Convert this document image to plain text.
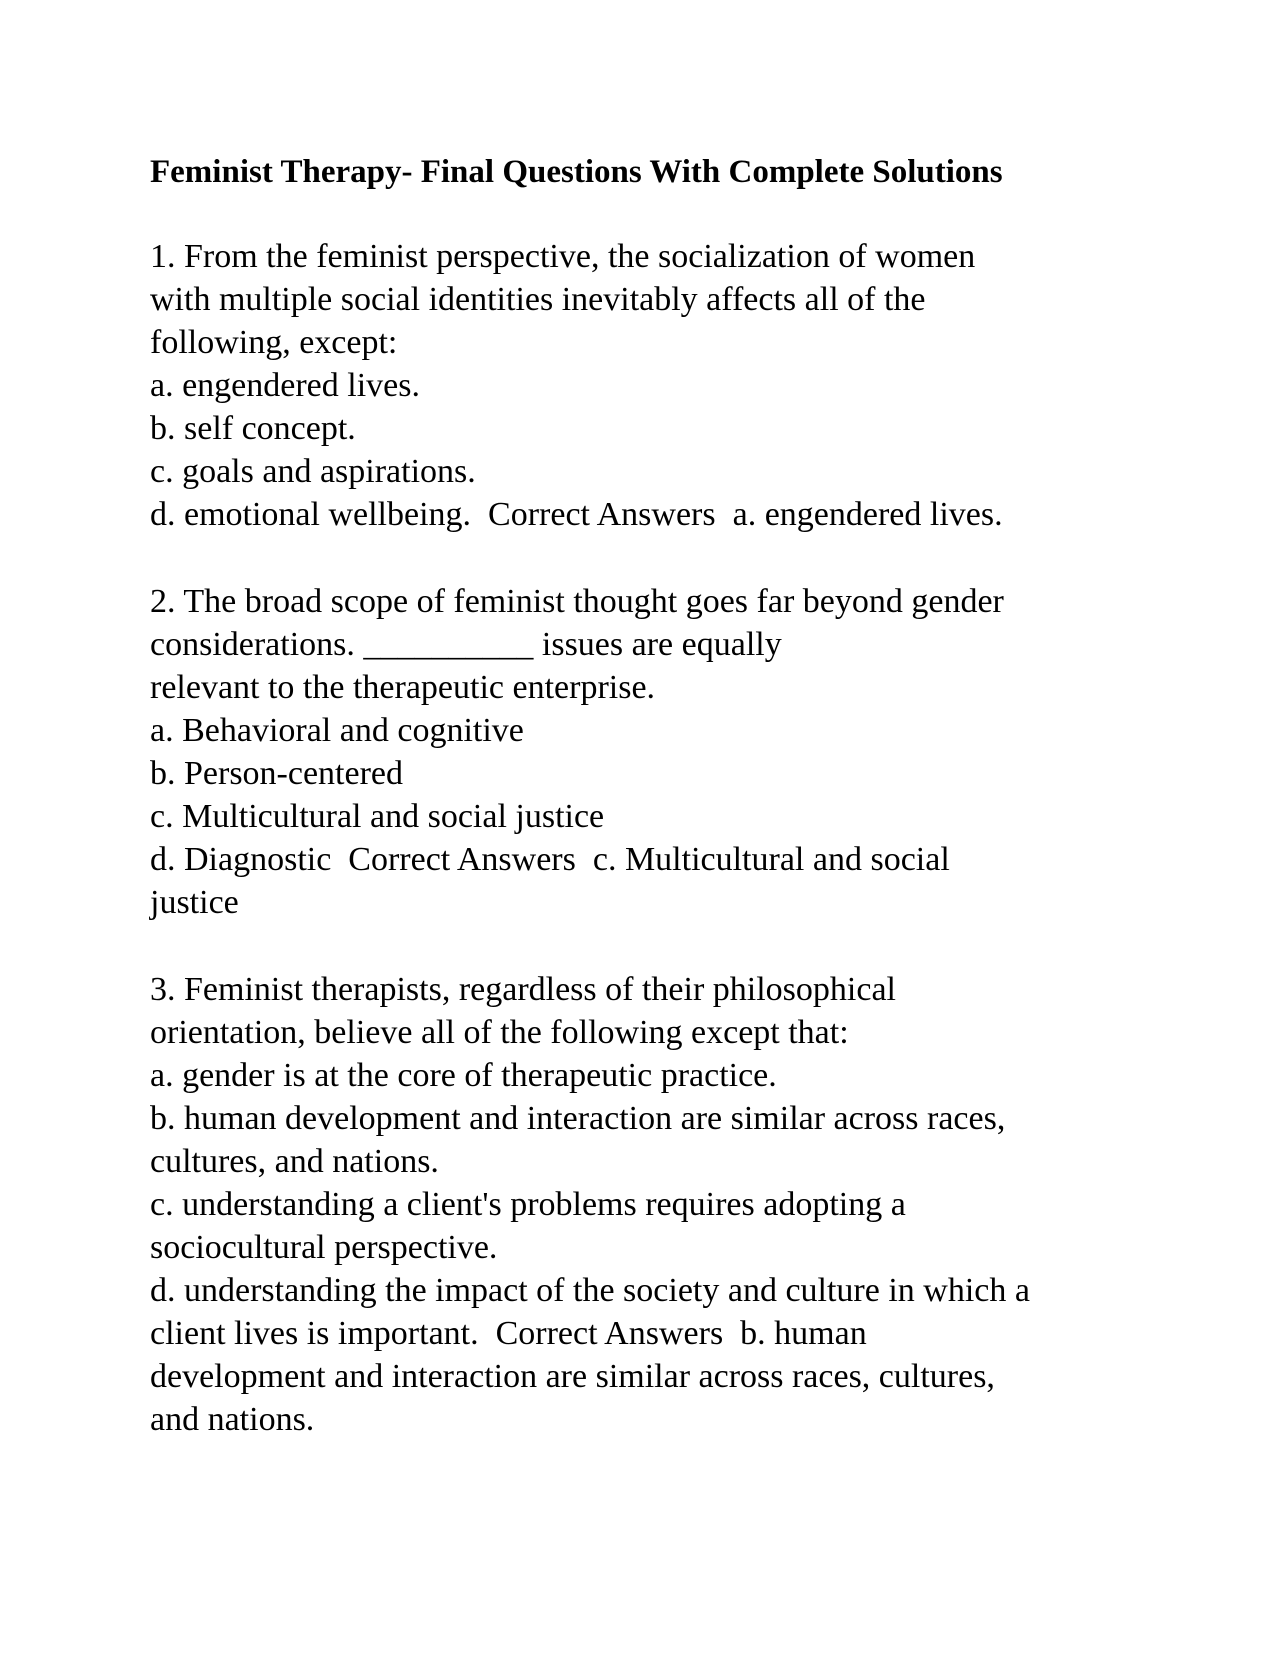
Feminist Therapy- Final Questions With Complete Solutions
1. From the feminist perspective, the socialization of women
with multiple social identities inevitably affects all of the
following, except:
a. engendered lives.
b. self concept.
c. goals and aspirations.
d. emotional wellbeing.  Correct Answers  a. engendered lives.
2. The broad scope of feminist thought goes far beyond gender
considerations. __________ issues are equally
relevant to the therapeutic enterprise.
a. Behavioral and cognitive
b. Person-centered
c. Multicultural and social justice
d. Diagnostic  Correct Answers  c. Multicultural and social
justice
3. Feminist therapists, regardless of their philosophical
orientation, believe all of the following except that:
a. gender is at the core of therapeutic practice.
b. human development and interaction are similar across races,
cultures, and nations.
c. understanding a client's problems requires adopting a
sociocultural perspective.
d. understanding the impact of the society and culture in which a
client lives is important.  Correct Answers  b. human
development and interaction are similar across races, cultures,
and nations.
